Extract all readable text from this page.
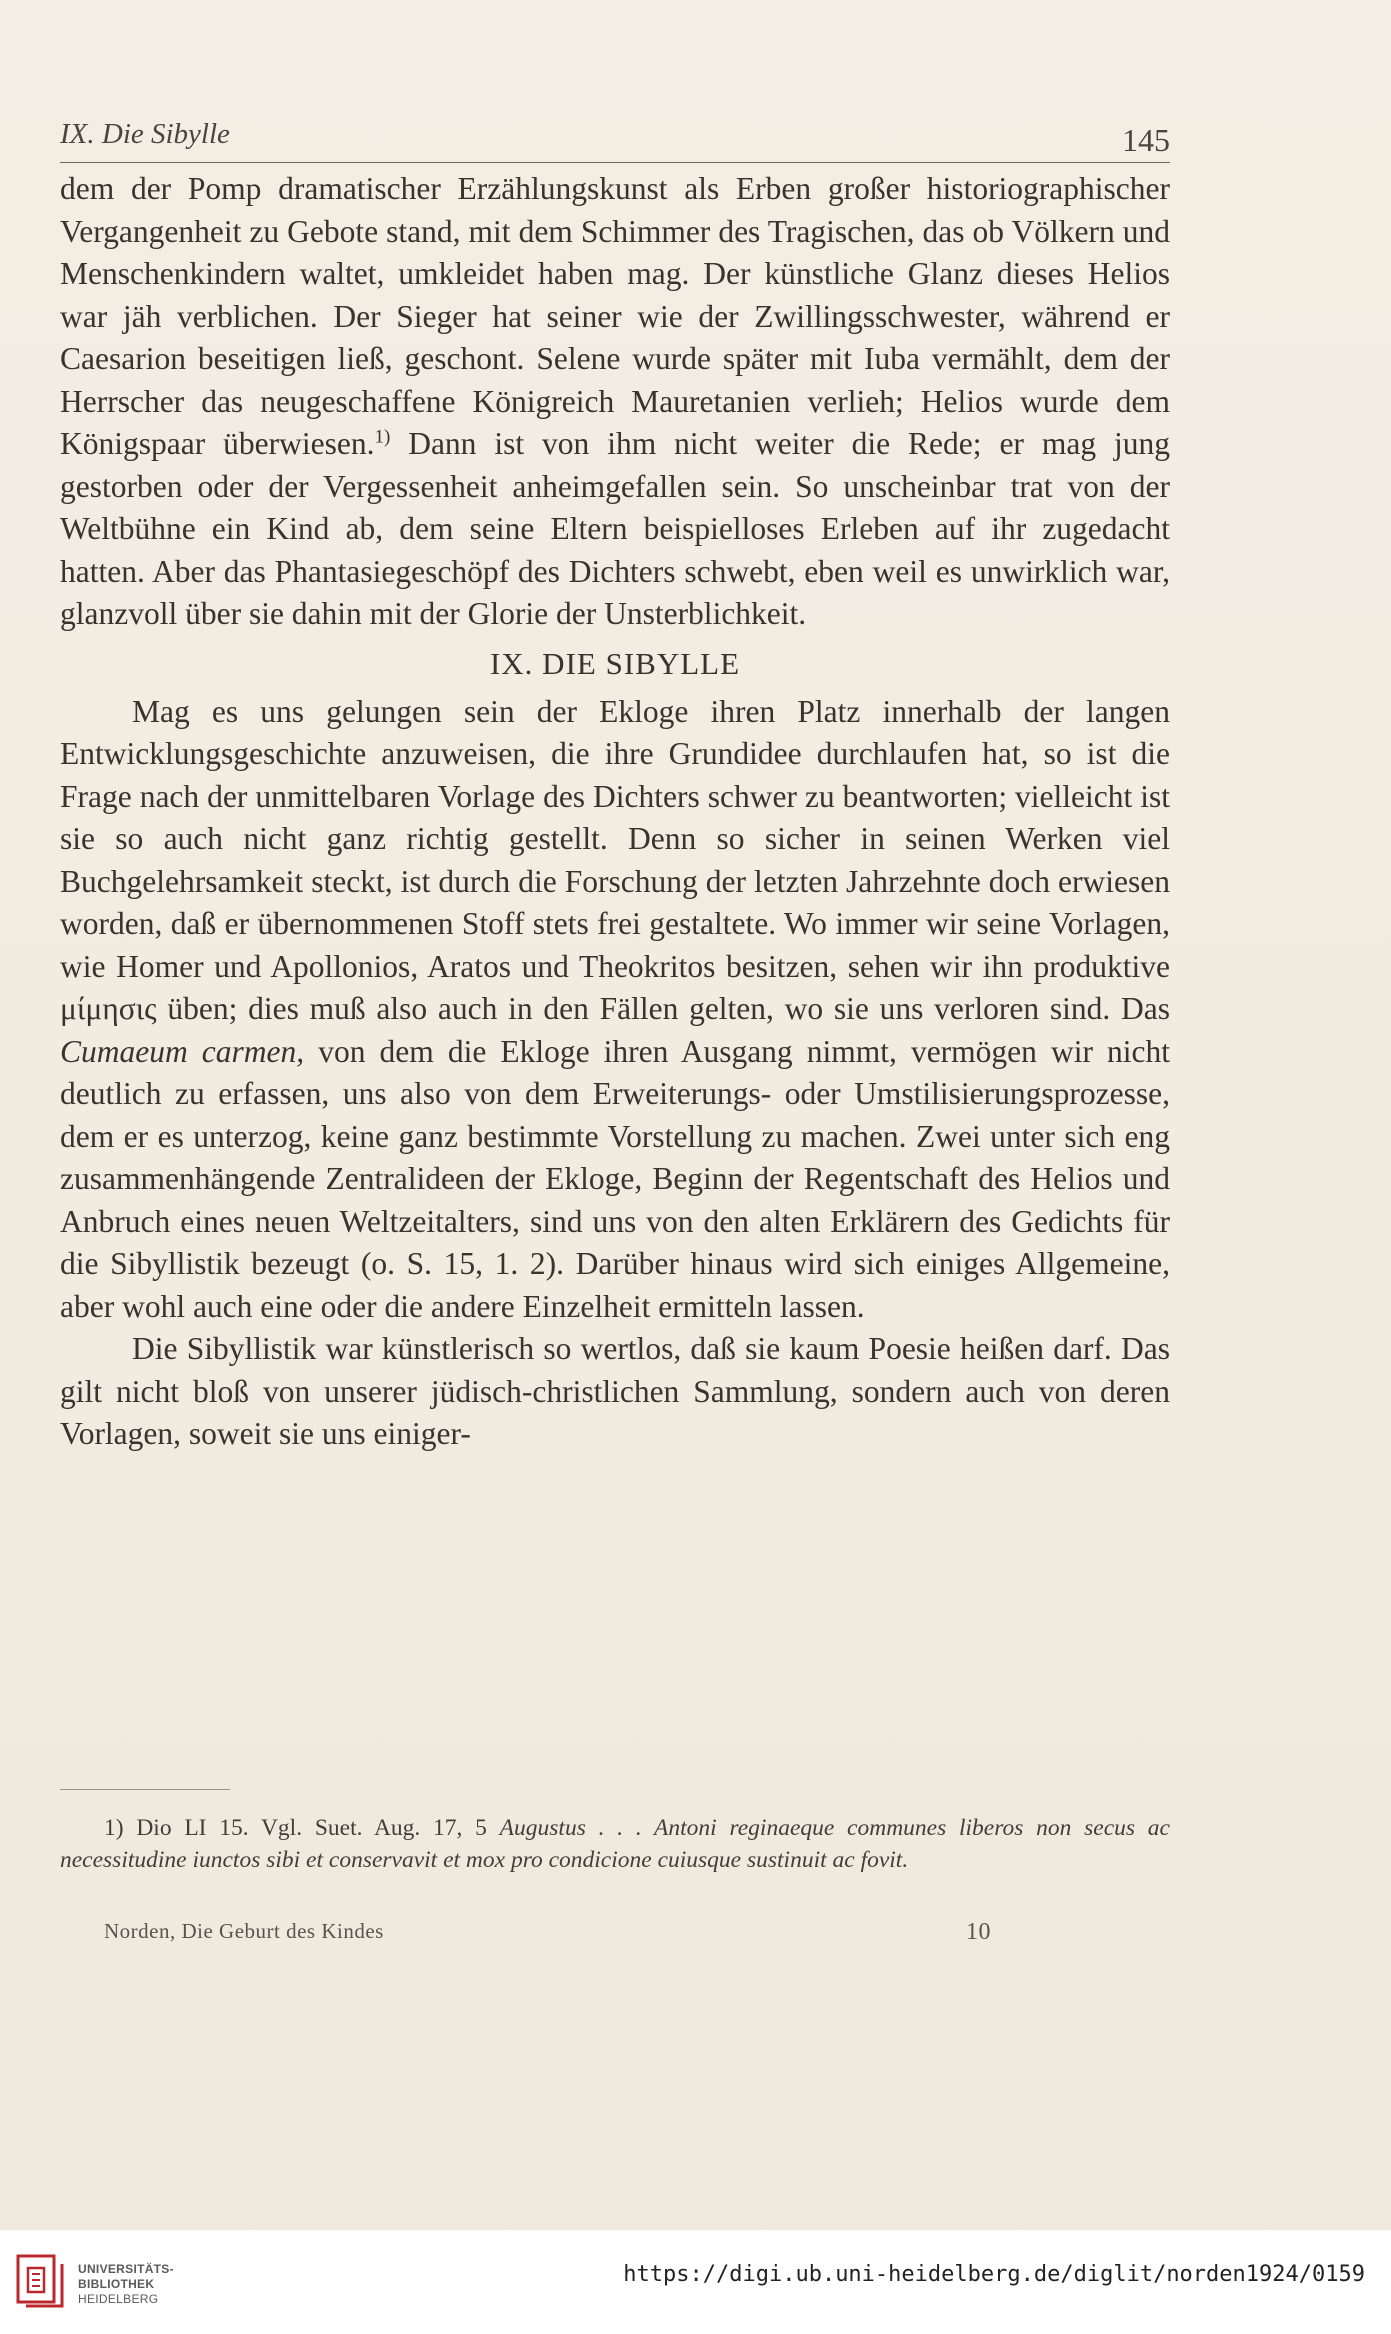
IX. Die Sibylle	145

dem der Pomp dramatischer Erzählungskunst als Erben großer historiographischer Vergangenheit zu Gebote stand, mit dem Schimmer des Tragischen, das ob Völkern und Menschenkindern waltet, umkleidet haben mag. Der künstliche Glanz dieses Helios war jäh verblichen. Der Sieger hat seiner wie der Zwillingsschwester, während er Caesarion beseitigen ließ, geschont. Selene wurde später mit Iuba vermählt, dem der Herrscher das neugeschaffene Königreich Mauretanien verlieh; Helios wurde dem Königspaar überwiesen.$^{1)}$ Dann ist von ihm nicht weiter die Rede; er mag jung gestorben oder der Vergessenheit anheimgefallen sein. So unscheinbar trat von der Weltbühne ein Kind ab, dem seine Eltern beispielloses Erleben auf ihr zugedacht hatten. Aber das Phantasiegeschöpf des Dichters schwebt, eben weil es unwirklich war, glanzvoll über sie dahin mit der Glorie der Unsterblichkeit.

IX. DIE SIBYLLE

Mag es uns gelungen sein der Ekloge ihren Platz innerhalb der langen Entwicklungsgeschichte anzuweisen, die ihre Grundidee durchlaufen hat, so ist die Frage nach der unmittelbaren Vorlage des Dichters schwer zu beantworten; vielleicht ist sie so auch nicht ganz richtig gestellt. Denn so sicher in seinen Werken viel Buchgelehrsamkeit steckt, ist durch die Forschung der letzten Jahrzehnte doch erwiesen worden, daß er übernommenen Stoff stets frei gestaltete. Wo immer wir seine Vorlagen, wie Homer und Apollonios, Aratos und Theokritos besitzen, sehen wir ihn produktive μίμησις üben; dies muß also auch in den Fällen gelten, wo sie uns verloren sind. Das Cumaeum carmen, von dem die Ekloge ihren Ausgang nimmt, vermögen wir nicht deutlich zu erfassen, uns also von dem Erweiterungs- oder Umstilisierungsprozesse, dem er es unterzog, keine ganz bestimmte Vorstellung zu machen. Zwei unter sich eng zusammenhängende Zentralideen der Ekloge, Beginn der Regentschaft des Helios und Anbruch eines neuen Weltzeitalters, sind uns von den alten Erklärern des Gedichts für die Sibyllistik bezeugt (o. S. 15, 1. 2). Darüber hinaus wird sich einiges Allgemeine, aber wohl auch eine oder die andere Einzelheit ermitteln lassen.

Die Sibyllistik war künstlerisch so wertlos, daß sie kaum Poesie heißen darf. Das gilt nicht bloß von unserer jüdisch-christlichen Sammlung, sondern auch von deren Vorlagen, soweit sie uns einiger-

1) Dio LI 15. Vgl. Suet. Aug. 17, 5 Augustus . . . Antoni reginaeque communes liberos non secus ac necessitudine iunctos sibi et conservavit et mox pro condicione cuiusque sustinuit ac fovit.
Norden, Die Geburt des Kindes	10
UNIVERSITÄTS-
BIBLIOTHEK
HEIDELBERG
https://digi.ub.uni-heidelberg.de/diglit/norden1924/0159
